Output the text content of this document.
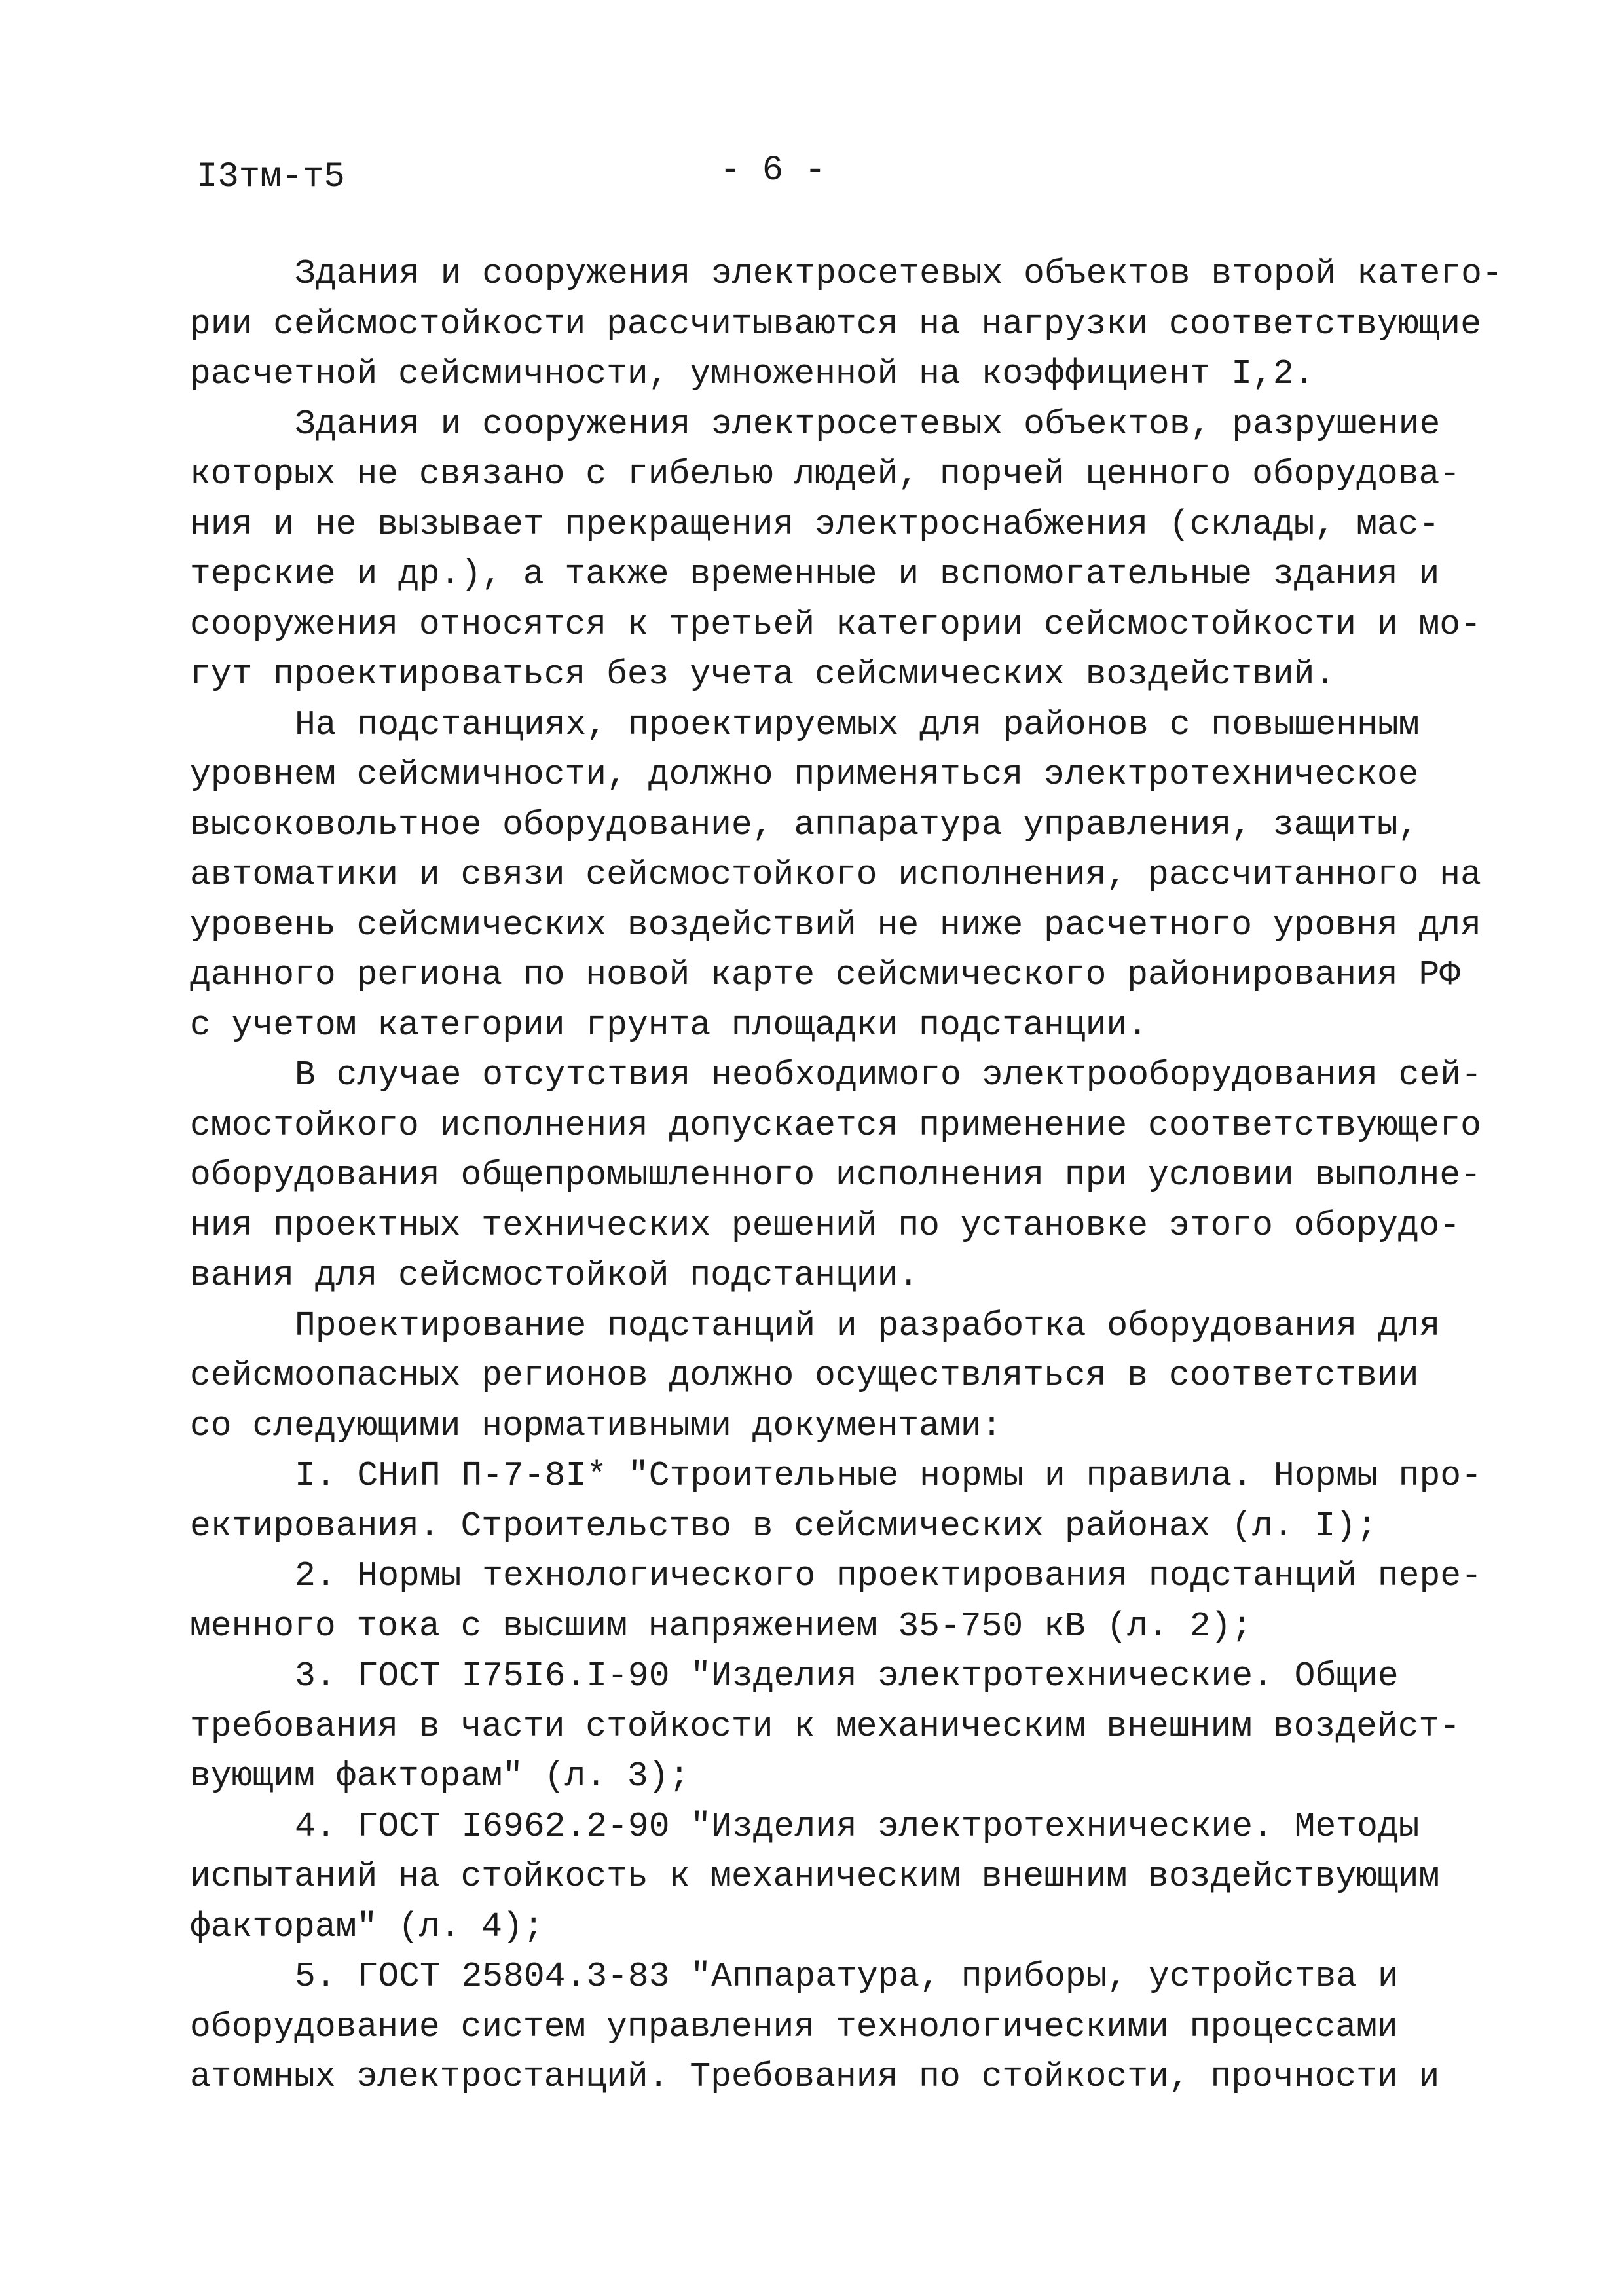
I3тм-т5	- 6 -
Здания и сооружения электросетевых объектов второй катего-
рии сейсмостойкости рассчитываются на нагрузки соответствующие
расчетной сейсмичности, умноженной на коэффициент I,2.
Здания и сооружения электросетевых объектов, разрушение
которых не связано с гибелью людей, порчей ценного оборудова-
ния и не вызывает прекращения электроснабжения (склады, мас-
терские и др.), а также временные и вспомогательные здания и
сооружения относятся к третьей категории сейсмостойкости и мо-
гут проектироваться без учета сейсмических воздействий.
На подстанциях, проектируемых для районов с повышенным
уровнем сейсмичности, должно применяться электротехническое
высоковольтное оборудование, аппаратура управления, защиты,
автоматики и связи сейсмостойкого исполнения, рассчитанного на
уровень сейсмических воздействий не ниже расчетного уровня для
данного региона по новой карте сейсмического районирования РФ
с учетом категории грунта площадки подстанции.
В случае отсутствия необходимого электрооборудования сей-
смостойкого исполнения допускается применение соответствующего
оборудования общепромышленного исполнения при условии выполне-
ния проектных технических решений по установке этого оборудо-
вания для сейсмостойкой подстанции.
Проектирование подстанций и разработка оборудования для
сейсмоопасных регионов должно осуществляться в соответствии
со следующими нормативными документами:
I. СНиП П-7-8I* "Строительные нормы и правила. Нормы про-
ектирования. Строительство в сейсмических районах (л. I);
2. Нормы технологического проектирования подстанций пере-
менного тока с высшим напряжением 35-750 кВ (л. 2);
3. ГОСТ I75I6.I-90 "Изделия электротехнические. Общие
требования в части стойкости к механическим внешним воздейст-
вующим факторам" (л. 3);
4. ГОСТ I6962.2-90 "Изделия электротехнические. Методы
испытаний на стойкость к механическим внешним воздействующим
факторам" (л. 4);
5. ГОСТ 25804.3-83 "Аппаратура, приборы, устройства и
оборудование систем управления технологическими процессами
атомных электростанций. Требования по стойкости, прочности и
